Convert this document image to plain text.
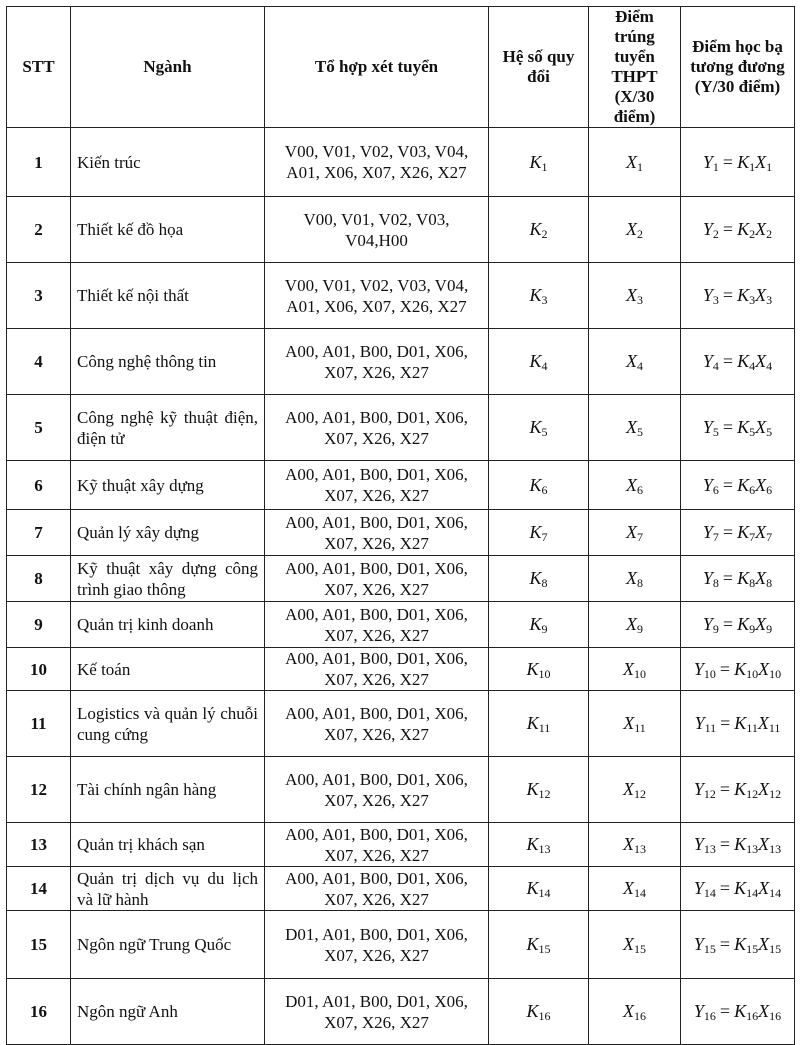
STT	Ngành	Tổ hợp xét tuyển	Hệ số quy đổi	Điểm trúng tuyển THPT (X/30 điểm)	Điểm học bạ tương đương (Y/30 điểm)
1	Kiến trúc	V00, V01, V02, V03, V04, A01, X06, X07, X26, X27	$K_1$	$X_1$	$Y_1 = K_1X_1$
2	Thiết kế đồ họa	V00, V01, V02, V03, V04,H00	$K_2$	$X_2$	$Y_2 = K_2X_2$
3	Thiết kế nội thất	V00, V01, V02, V03, V04, A01, X06, X07, X26, X27	$K_3$	$X_3$	$Y_3 = K_3X_3$
4	Công nghệ thông tin	A00, A01, B00, D01, X06, X07, X26, X27	$K_4$	$X_4$	$Y_4 = K_4X_4$
5	Công nghệ kỹ thuật điện, điện tử	A00, A01, B00, D01, X06, X07, X26, X27	$K_5$	$X_5$	$Y_5 = K_5X_5$
6	Kỹ thuật xây dựng	A00, A01, B00, D01, X06, X07, X26, X27	$K_6$	$X_6$	$Y_6 = K_6X_6$
7	Quản lý xây dựng	A00, A01, B00, D01, X06, X07, X26, X27	$K_7$	$X_7$	$Y_7 = K_7X_7$
8	Kỹ thuật xây dựng công trình giao thông	A00, A01, B00, D01, X06, X07, X26, X27	$K_8$	$X_8$	$Y_8 = K_8X_8$
9	Quản trị kinh doanh	A00, A01, B00, D01, X06, X07, X26, X27	$K_9$	$X_9$	$Y_9 = K_9X_9$
10	Kế toán	A00, A01, B00, D01, X06, X07, X26, X27	$K_{10}$	$X_{10}$	$Y_{10} = K_{10}X_{10}$
11	Logistics và quản lý chuỗi cung cứng	A00, A01, B00, D01, X06, X07, X26, X27	$K_{11}$	$X_{11}$	$Y_{11} = K_{11}X_{11}$
12	Tài chính ngân hàng	A00, A01, B00, D01, X06, X07, X26, X27	$K_{12}$	$X_{12}$	$Y_{12} = K_{12}X_{12}$
13	Quản trị khách sạn	A00, A01, B00, D01, X06, X07, X26, X27	$K_{13}$	$X_{13}$	$Y_{13} = K_{13}X_{13}$
14	Quản trị dịch vụ du lịch và lữ hành	A00, A01, B00, D01, X06, X07, X26, X27	$K_{14}$	$X_{14}$	$Y_{14} = K_{14}X_{14}$
15	Ngôn ngữ Trung Quốc	D01, A01, B00, D01, X06, X07, X26, X27	$K_{15}$	$X_{15}$	$Y_{15} = K_{15}X_{15}$
16	Ngôn ngữ Anh	D01, A01, B00, D01, X06, X07, X26, X27	$K_{16}$	$X_{16}$	$Y_{16} = K_{16}X_{16}$
